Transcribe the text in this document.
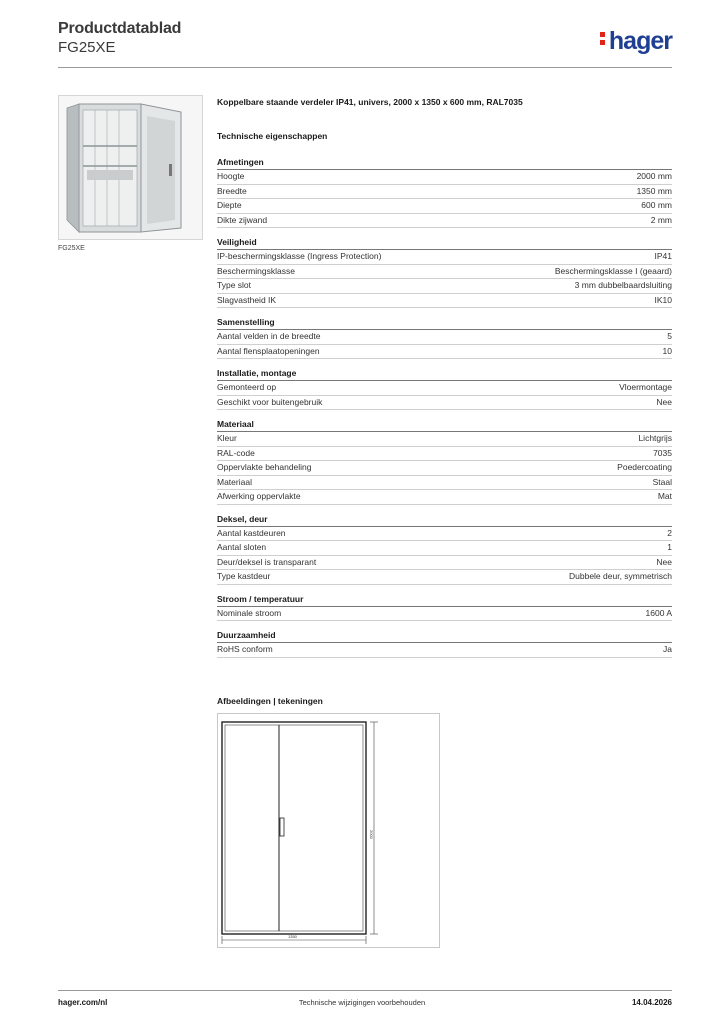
Productdatablad
FG25XE	hager
FG25XE
Koppelbare staande verdeler IP41, univers, 2000 x 1350 x 600 mm, RAL7035
Technische eigenschappen
Afmetingen
Hoogte	2000 mm
Breedte	1350 mm
Diepte	600 mm
Dikte zijwand	2 mm
Veiligheid
IP-beschermingsklasse (Ingress Protection)	IP41
Beschermingsklasse	Beschermingsklasse I (geaard)
Type slot	3 mm dubbelbaardsluiting
Slagvastheid IK	IK10
Samenstelling
Aantal velden in de breedte	5
Aantal flensplaatopeningen	10
Installatie, montage
Gemonteerd op	Vloermontage
Geschikt voor buitengebruik	Nee
Materiaal
Kleur	Lichtgrijs
RAL-code	7035
Oppervlakte behandeling	Poedercoating
Materiaal	Staal
Afwerking oppervlakte	Mat
Deksel, deur
Aantal kastdeuren	2
Aantal sloten	1
Deur/deksel is transparant	Nee
Type kastdeur	Dubbele deur, symmetrisch
Stroom / temperatuur
Nominale stroom	1600 A
Duurzaamheid
RoHS conform	Ja
Afbeeldingen | tekeningen
2000
1350
hager.com/nl	Technische wijzigingen voorbehouden	14.04.2026
